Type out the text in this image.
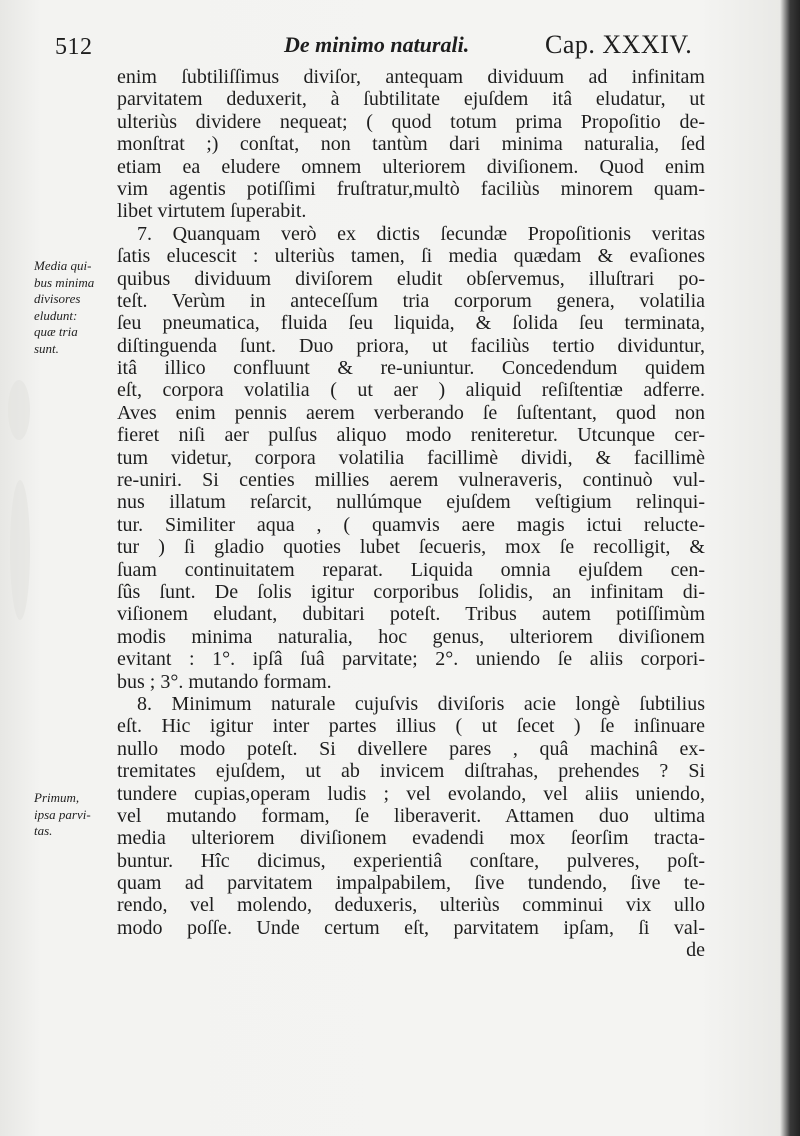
512	De minimo naturali.	Cap. XXXIV.
Media qui-
bus minima
divisores
eludunt:
quæ tria
sunt.
Primum,
ipsa parvi-
tas.
enim ſubtiliſſimus diviſor, antequam dividuum ad infinitam
parvitatem deduxerit, à ſubtilitate ejuſdem itâ eludatur, ut
ulteriùs dividere nequeat; ( quod totum prima Propoſitio de-
monſtrat ;) conſtat, non tantùm dari minima naturalia, ſed
etiam ea eludere omnem ulteriorem diviſionem. Quod enim
vim agentis potiſſimi fruſtratur,multò faciliùs minorem quam-
libet virtutem ſuperabit.
7. Quanquam verò ex dictis ſecundæ Propoſitionis veritas
ſatis elucescit : ulteriùs tamen, ſi media quædam & evaſiones
quibus dividuum diviſorem eludit obſervemus, illuſtrari po-
teſt. Verùm in anteceſſum tria corporum genera, volatilia
ſeu pneumatica, fluida ſeu liquida, & ſolida ſeu terminata,
diſtinguenda ſunt. Duo priora, ut faciliùs tertio dividuntur,
itâ illico confluunt & re-uniuntur. Concedendum quidem
eſt, corpora volatilia ( ut aer ) aliquid reſiſtentiæ adferre.
Aves enim pennis aerem verberando ſe ſuſtentant, quod non
fieret niſi aer pulſus aliquo modo reniteretur. Utcunque cer-
tum videtur, corpora volatilia facillimè dividi, & facillimè
re-uniri. Si centies millies aerem vulneraveris, continuò vul-
nus illatum reſarcit, nullúmque ejuſdem veſtigium relinqui-
tur. Similiter aqua , ( quamvis aere magis ictui reluctе-
tur ) ſi gladio quoties lubet ſecueris, mox ſe recolligit, &
ſuam continuitatem reparat. Liquida omnia ejuſdem cen-
ſûs ſunt. De ſolis igitur corporibus ſolidis, an infinitam di-
viſionem eludant, dubitari poteſt. Tribus autem potiſſimùm
modis minima naturalia, hoc genus, ulteriorem diviſionem
evitant : 1°. ipſâ ſuâ parvitate; 2°. uniendo ſe aliis corpori-
bus ; 3°. mutando formam.
8. Minimum naturale cujuſvis diviſoris acie longè ſubtilius
eſt. Hic igitur inter partes illius ( ut ſecet ) ſe inſinuare
nullo modo poteſt. Si divellere pares , quâ machinâ ex-
tremitates ejuſdem, ut ab invicem diſtrahas, prehendes ? Si
tundere cupias,operam ludis ; vel evolando, vel aliis uniendo,
vel mutando formam, ſe liberaverit. Attamen duo ultima
media ulteriorem diviſionem evadendi mox ſeorſim tracta-
buntur. Hîc dicimus, experientiâ conſtare, pulveres, poſt-
quam ad parvitatem impalpabilem, ſive tundendo, ſive te-
rendo, vel molendo, deduxeris, ulteriùs comminui vix ullo
modo poſſe. Unde certum eſt, parvitatem ipſam, ſi val-
de
